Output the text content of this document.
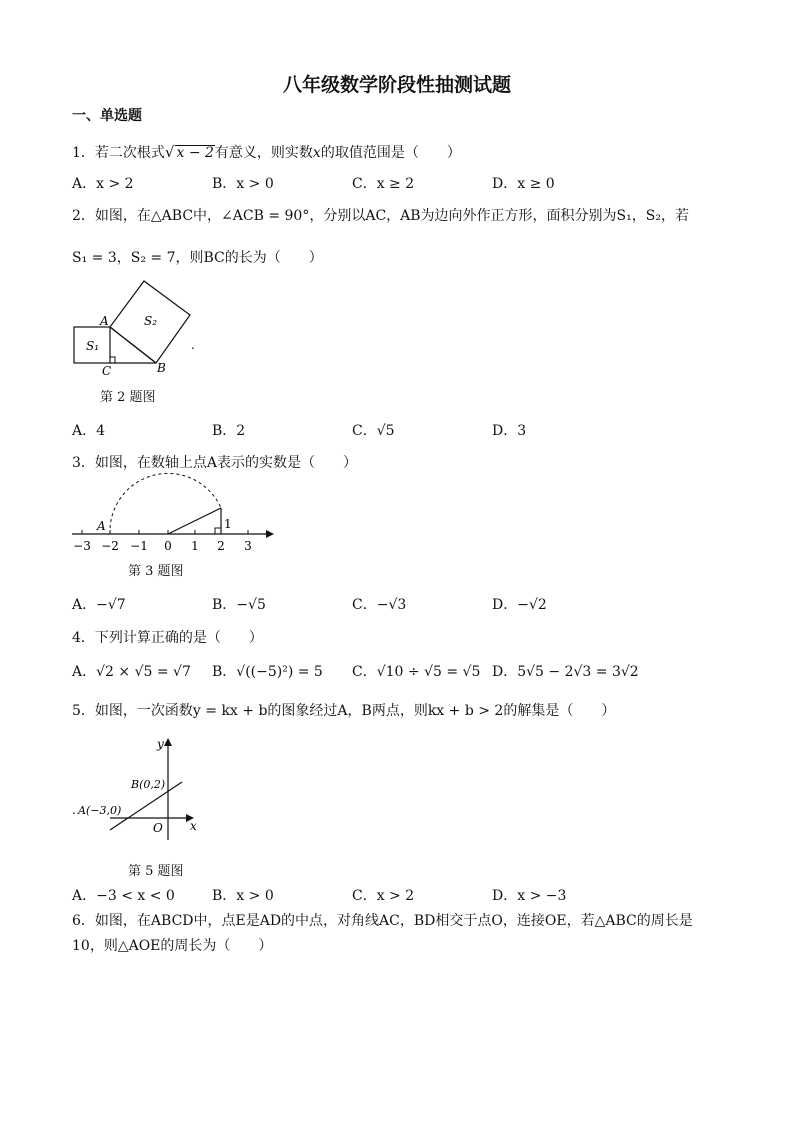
八年级数学阶段性抽测试题
一、单选题
1．若二次根式√ x − 2有意义，则实数x的取值范围是（　　）
A．x > 2	B．x > 0	C．x ≥ 2	D．x ≥ 0
2．如图，在△ABC中，∠ACB = 90°，分别以AC，AB为边向外作正方形，面积分别为S₁，S₂，若
S₁ = 3，S₂ = 7，则BC的长为（　　）
A
C	B
S₁
S₂
.
第 2 题图
A．4	B．2	C．√5	D．3
3．如图，在数轴上点A表示的实数是（　　）
−3 −2 −1 0 1 2 3
A	1
第 3 题图
A．−√7	B．−√5	C．−√3	D．−√2
4．下列计算正确的是（　　）
A．√2 × √5 = √7 B．√((−5)²) = 5 C．√10 ÷ √5 = √5 D．5√5 − 2√3 = 3√2
5．如图，一次函数y = kx + b的图象经过A，B两点，则kx + b > 2的解集是（　　）
y
x
O
B(0,2)
A(−3,0)
.
第 5 题图
A．−3 < x < 0	B．x > 0	C．x > 2	D．x > −3
6．如图，在ABCD中，点E是AD的中点，对角线AC，BD相交于点O，连接OE，若△ABC的周长是
10，则△AOE的周长为（　　）
